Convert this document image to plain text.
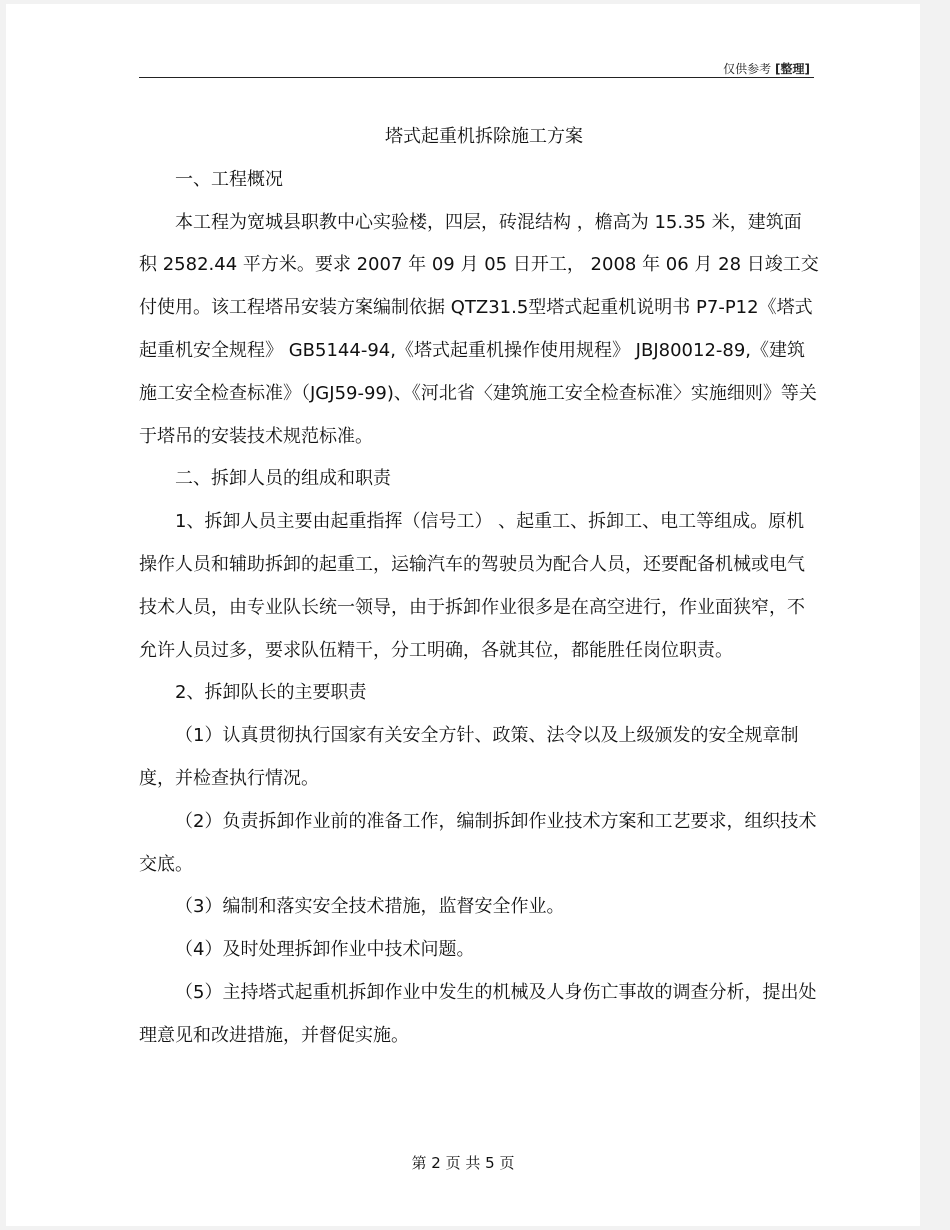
仅供参考 [整理]

塔式起重机拆除施工方案

一、工程概况

本工程为宽城县职教中心实验楼，四层，砖混结构 ，檐高为 15.35 米，建筑面积 2582.44 平方米。要求 2007 年 09 月 05 日开工， 2008 年 06 月 28 日竣工交付使用。该工程塔吊安装方案编制依据 QTZ31.5型塔式起重机说明书 P7-P12《塔式起重机安全规程》 GB5144-94,《塔式起重机操作使用规程》 JBJ80012-89,《建筑施工安全检查标准》（JGJ59-99)、《河北省〈建筑施工安全检查标准〉实施细则》等关于塔吊的安装技术规范标准。

二、拆卸人员的组成和职责

1、拆卸人员主要由起重指挥（信号工） 、起重工、拆卸工、电工等组成。原机操作人员和辅助拆卸的起重工，运输汽车的驾驶员为配合人员，还要配备机械或电气技术人员，由专业队长统一领导，由于拆卸作业很多是在高空进行，作业面狭窄，不允许人员过多，要求队伍精干，分工明确，各就其位，都能胜任岗位职责。

2、拆卸队长的主要职责

（1）认真贯彻执行国家有关安全方针、政策、法令以及上级颁发的安全规章制度，并检查执行情况。

（2）负责拆卸作业前的准备工作，编制拆卸作业技术方案和工艺要求，组织技术交底。

（3）编制和落实安全技术措施，监督安全作业。

（4）及时处理拆卸作业中技术问题。

（5）主持塔式起重机拆卸作业中发生的机械及人身伤亡事故的调查分析，提出处理意见和改进措施，并督促实施。

第 2 页 共 5 页
